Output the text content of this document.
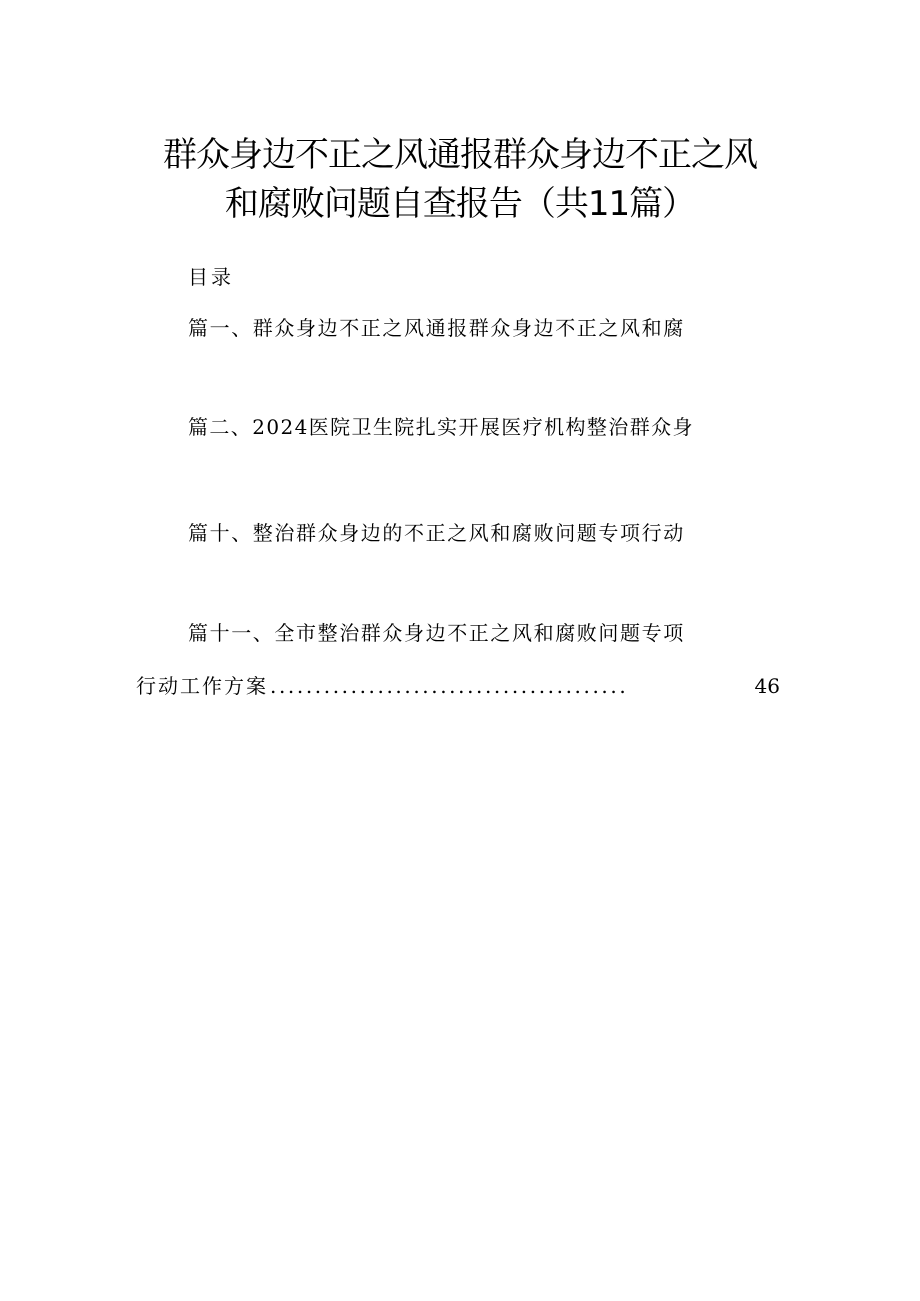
群众身边不正之风通报群众身边不正之风
和腐败问题自查报告（共11篇）
目录
篇一、群众身边不正之风通报群众身边不正之风和腐
篇二、2024医院卫生院扎实开展医疗机构整治群众身
篇十、整治群众身边的不正之风和腐败问题专项行动
篇十一、全市整治群众身边不正之风和腐败问题专项
行动工作方案 ........................................	46
